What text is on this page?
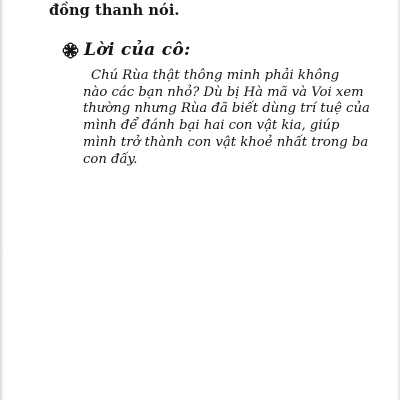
đồng thanh nói.
Lời của cô:

Chú Rùa thật thông minh phải không
nào các bạn nhỏ? Dù bị Hà mã và Voi xem
thường nhưng Rùa đã biết dùng trí tuệ của
mình để đánh bại hai con vật kia, giúp
mình trở thành con vật khoẻ nhất trong ba
con đấy.
